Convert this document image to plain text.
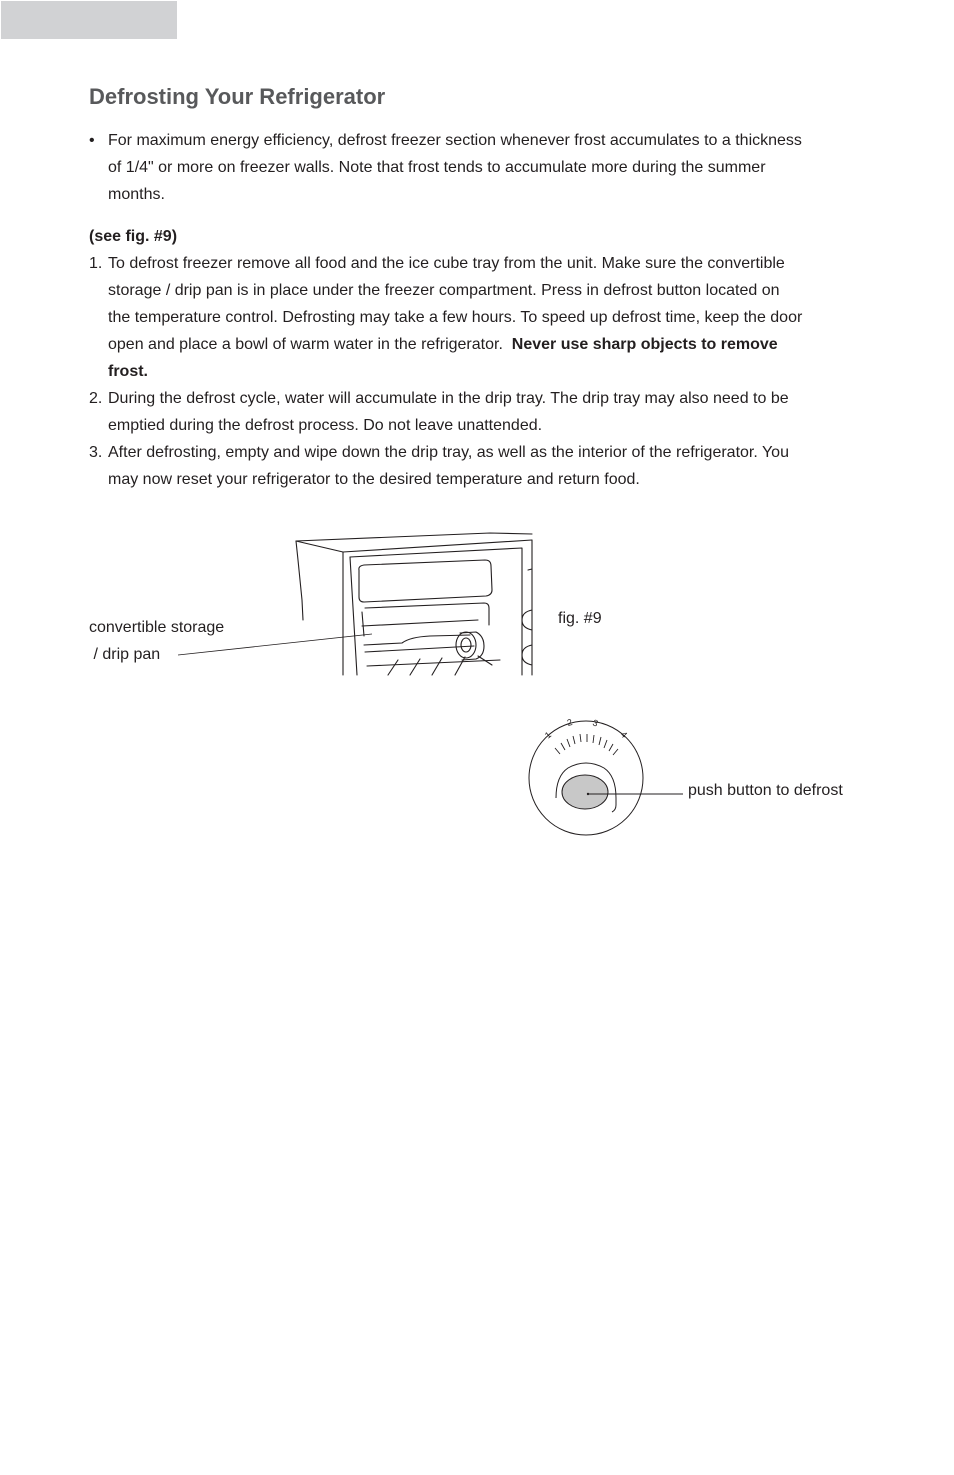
Defrosting Your Refrigerator
• For maximum energy efficiency, defrost freezer section whenever frost accumulates to a thickness
of 1/4" or more on freezer walls. Note that frost tends to accumulate more during the summer
months.
(see fig. #9)
1. To defrost freezer remove all food and the ice cube tray from the unit. Make sure the convertible
storage / drip pan is in place under the freezer compartment. Press in defrost button located on
the temperature control. Defrosting may take a few hours. To speed up defrost time, keep the door
open and place a bowl of warm water in the refrigerator.  Never use sharp objects to remove
frost.
2. During the defrost cycle, water will accumulate in the drip tray. The drip tray may also need to be
emptied during the defrost process. Do not leave unattended.
3. After defrosting, empty and wipe down the drip tray, as well as the interior of the refrigerator. You
may now reset your refrigerator to the desired temperature and return food.
1
2 3
4
convertible storage
/ drip pan
fig. #9
push button to defrost
